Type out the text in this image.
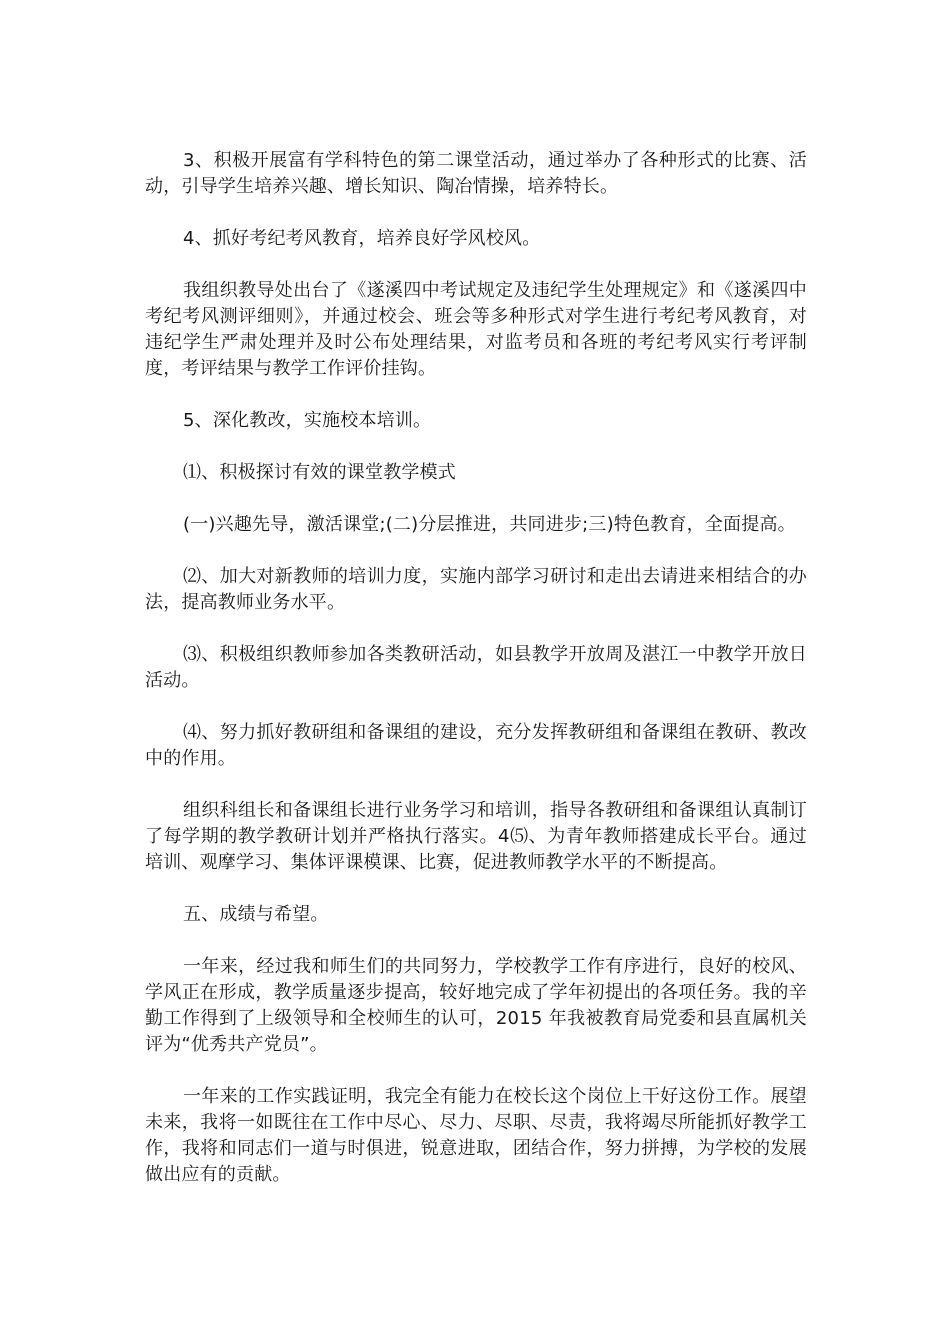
3、积极开展富有学科特色的第二课堂活动，通过举办了各种形式的比赛、活动，引导学生培养兴趣、增长知识、陶冶情操，培养特长。

4、抓好考纪考风教育，培养良好学风校风。

我组织教导处出台了《遂溪四中考试规定及违纪学生处理规定》和《遂溪四中考纪考风测评细则》，并通过校会、班会等多种形式对学生进行考纪考风教育，对违纪学生严肃处理并及时公布处理结果，对监考员和各班的考纪考风实行考评制度，考评结果与教学工作评价挂钩。

5、深化教改，实施校本培训。

⑴、积极探讨有效的课堂教学模式

(一)兴趣先导，激活课堂;(二)分层推进，共同进步;三)特色教育，全面提高。

⑵、加大对新教师的培训力度，实施内部学习研讨和走出去请进来相结合的办法，提高教师业务水平。

⑶、积极组织教师参加各类教研活动，如县教学开放周及湛江一中教学开放日活动。

⑷、努力抓好教研组和备课组的建设，充分发挥教研组和备课组在教研、教改中的作用。

组织科组长和备课组长进行业务学习和培训，指导各教研组和备课组认真制订了每学期的教学教研计划并严格执行落实。4⑸、为青年教师搭建成长平台。通过培训、观摩学习、集体评课模课、比赛，促进教师教学水平的不断提高。

五、成绩与希望。

一年来，经过我和师生们的共同努力，学校教学工作有序进行，良好的校风、学风正在形成，教学质量逐步提高，较好地完成了学年初提出的各项任务。我的辛勤工作得到了上级领导和全校师生的认可，2015 年我被教育局党委和县直属机关评为“优秀共产党员”。

一年来的工作实践证明，我完全有能力在校长这个岗位上干好这份工作。展望未来，我将一如既往在工作中尽心、尽力、尽职、尽责，我将竭尽所能抓好教学工作，我将和同志们一道与时俱进，锐意进取，团结合作，努力拼搏，为学校的发展做出应有的贡献。
